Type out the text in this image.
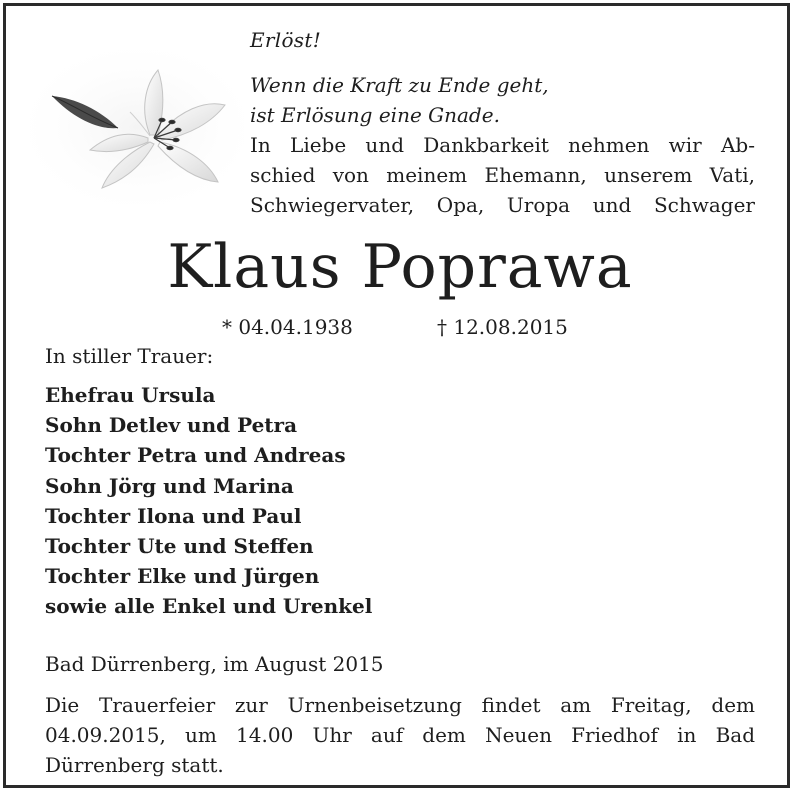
Erlöst!
Wenn die Kraft zu Ende geht,
ist Erlösung eine Gnade.
In Liebe und Dankbarkeit nehmen wir Ab-
schied von meinem Ehemann, unserem Vati,
Schwiegervater, Opa, Uropa und Schwager
Klaus Poprawa
* 04.04.1938	† 12.08.2015
In stiller Trauer:
Ehefrau Ursula
Sohn Detlev und Petra
Tochter Petra und Andreas
Sohn Jörg und Marina
Tochter Ilona und Paul
Tochter Ute und Steffen
Tochter Elke und Jürgen
sowie alle Enkel und Urenkel
Bad Dürrenberg, im August 2015
Die Trauerfeier zur Urnenbeisetzung findet am Freitag, dem
04.09.2015, um 14.00 Uhr auf dem Neuen Friedhof in Bad
Dürrenberg statt.
